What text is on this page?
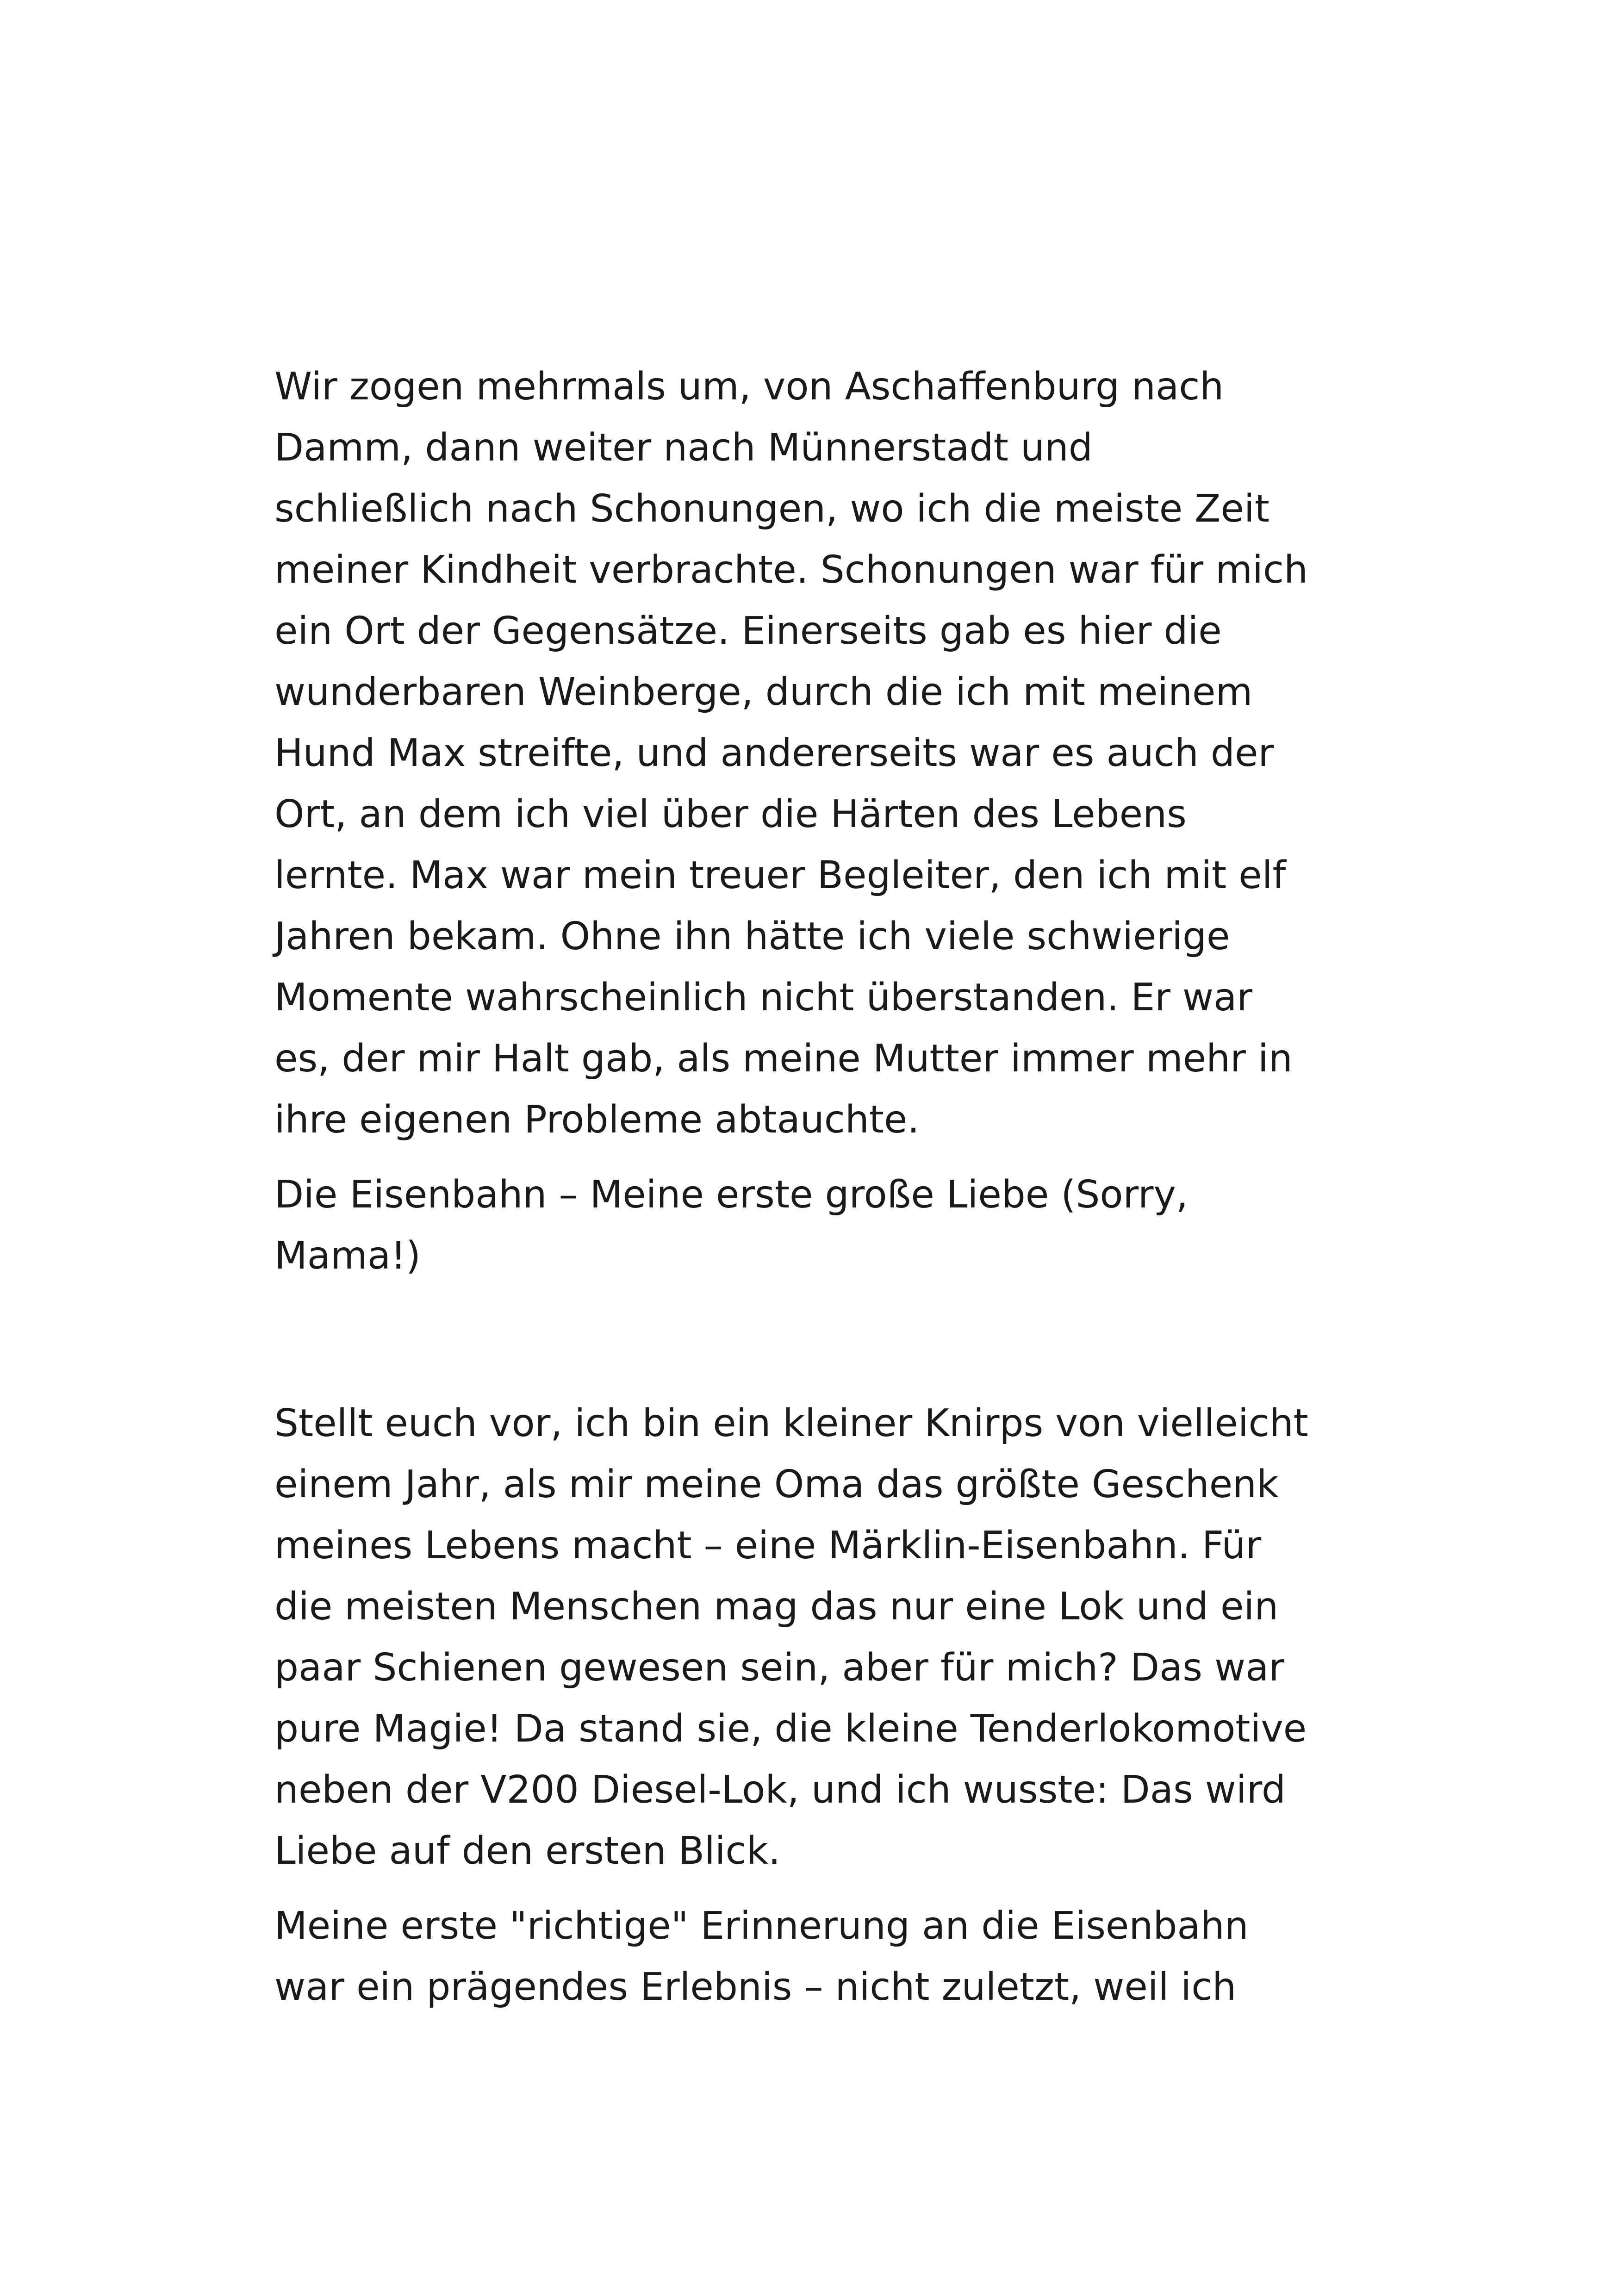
Wir zogen mehrmals um, von Aschaffenburg nach
Damm, dann weiter nach Münnerstadt und
schließlich nach Schonungen, wo ich die meiste Zeit
meiner Kindheit verbrachte. Schonungen war für mich
ein Ort der Gegensätze. Einerseits gab es hier die
wunderbaren Weinberge, durch die ich mit meinem
Hund Max streifte, und andererseits war es auch der
Ort, an dem ich viel über die Härten des Lebens
lernte. Max war mein treuer Begleiter, den ich mit elf
Jahren bekam. Ohne ihn hätte ich viele schwierige
Momente wahrscheinlich nicht überstanden. Er war
es, der mir Halt gab, als meine Mutter immer mehr in
ihre eigenen Probleme abtauchte.

Die Eisenbahn – Meine erste große Liebe (Sorry,
Mama!)

Stellt euch vor, ich bin ein kleiner Knirps von vielleicht
einem Jahr, als mir meine Oma das größte Geschenk
meines Lebens macht – eine Märklin-Eisenbahn. Für
die meisten Menschen mag das nur eine Lok und ein
paar Schienen gewesen sein, aber für mich? Das war
pure Magie! Da stand sie, die kleine Tenderlokomotive
neben der V200 Diesel-Lok, und ich wusste: Das wird
Liebe auf den ersten Blick.

Meine erste "richtige" Erinnerung an die Eisenbahn
war ein prägendes Erlebnis – nicht zuletzt, weil ich
